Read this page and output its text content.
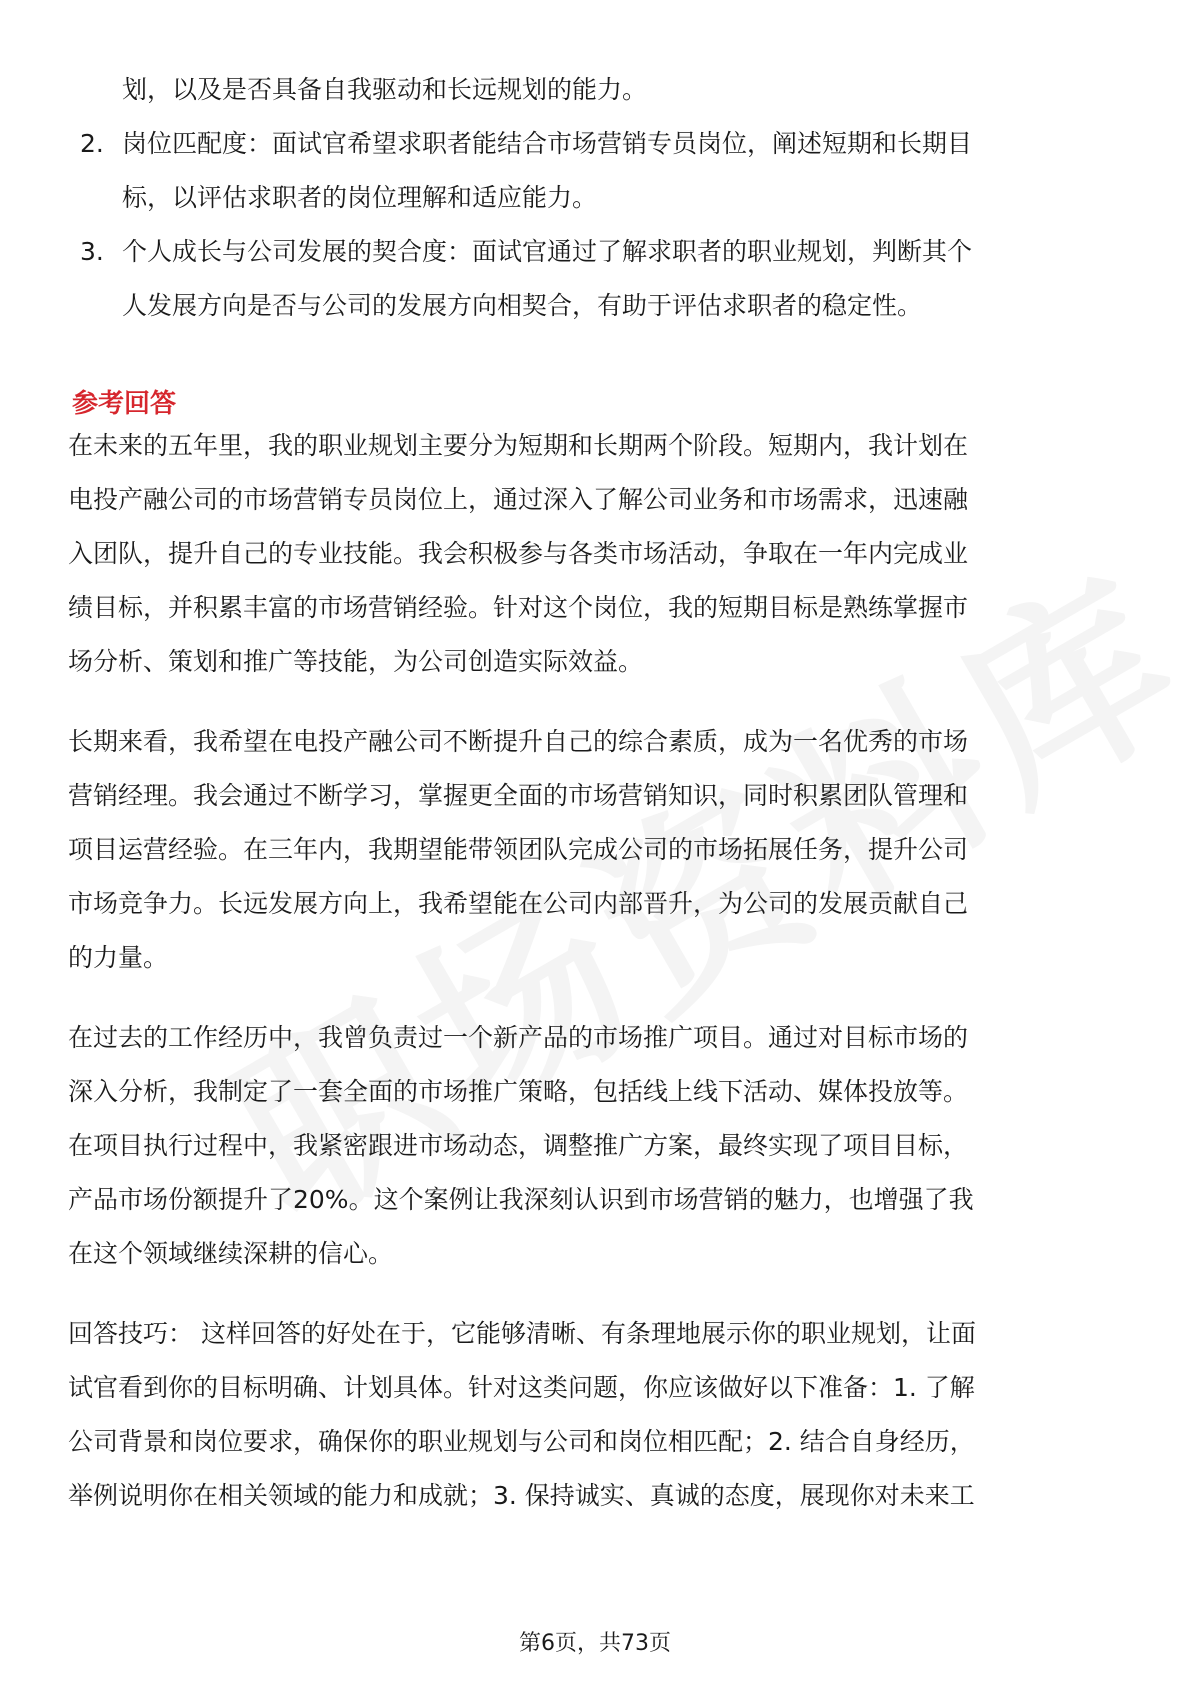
划，以及是否具备自我驱动和长远规划的能力。
2. 岗位匹配度：面试官希望求职者能结合市场营销专员岗位，阐述短期和长期目
标，以评估求职者的岗位理解和适应能力。
3. 个人成长与公司发展的契合度：面试官通过了解求职者的职业规划，判断其个
人发展方向是否与公司的发展方向相契合，有助于评估求职者的稳定性。
参考回答
在未来的五年里，我的职业规划主要分为短期和长期两个阶段。短期内，我计划在
电投产融公司的市场营销专员岗位上，通过深入了解公司业务和市场需求，迅速融
入团队，提升自己的专业技能。我会积极参与各类市场活动，争取在一年内完成业
绩目标，并积累丰富的市场营销经验。针对这个岗位，我的短期目标是熟练掌握市
场分析、策划和推广等技能，为公司创造实际效益。
长期来看，我希望在电投产融公司不断提升自己的综合素质，成为一名优秀的市场
营销经理。我会通过不断学习，掌握更全面的市场营销知识，同时积累团队管理和
项目运营经验。在三年内，我期望能带领团队完成公司的市场拓展任务，提升公司
市场竞争力。长远发展方向上，我希望能在公司内部晋升，为公司的发展贡献自己
的力量。
在过去的工作经历中，我曾负责过一个新产品的市场推广项目。通过对目标市场的
深入分析，我制定了一套全面的市场推广策略，包括线上线下活动、媒体投放等。
在项目执行过程中，我紧密跟进市场动态，调整推广方案，最终实现了项目目标，
产品市场份额提升了20%。这个案例让我深刻认识到市场营销的魅力，也增强了我
在这个领域继续深耕的信心。
回答技巧： 这样回答的好处在于，它能够清晰、有条理地展示你的职业规划，让面
试官看到你的目标明确、计划具体。针对这类问题，你应该做好以下准备：1. 了解
公司背景和岗位要求，确保你的职业规划与公司和岗位相匹配；2. 结合自身经历，
举例说明你在相关领域的能力和成就；3. 保持诚实、真诚的态度，展现你对未来工
第6页，共73页
